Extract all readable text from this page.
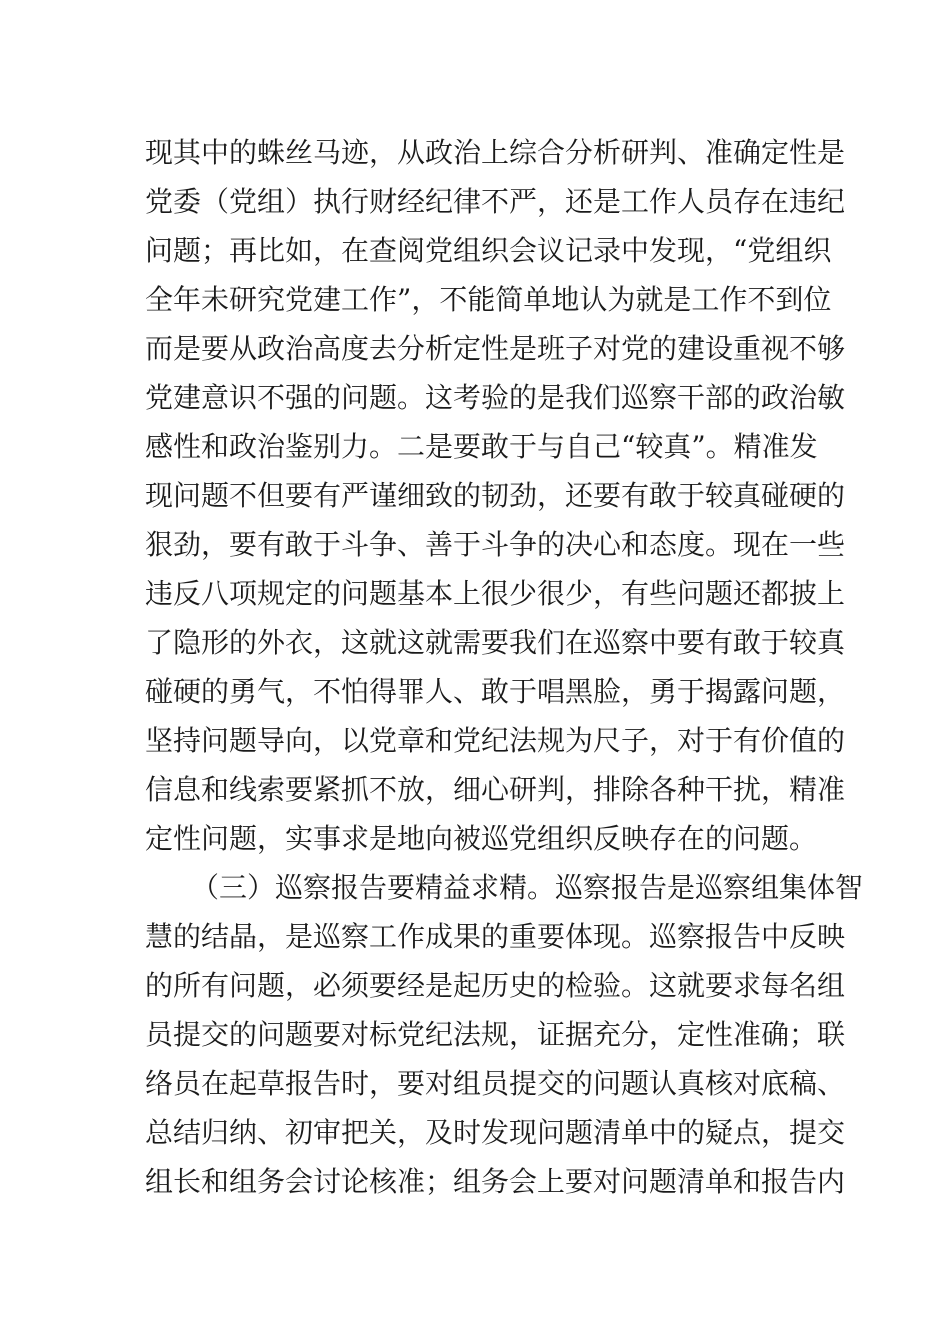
现其中的蛛丝马迹，从政治上综合分析研判、准确定性是
党委（党组）执行财经纪律不严，还是工作人员存在违纪
问题；再比如，在查阅党组织会议记录中发现，“党组织
全年未研究党建工作”，不能简单地认为就是工作不到位
而是要从政治高度去分析定性是班子对党的建设重视不够
党建意识不强的问题。这考验的是我们巡察干部的政治敏
感性和政治鉴别力。二是要敢于与自己“较真”。精准发
现问题不但要有严谨细致的韧劲，还要有敢于较真碰硬的
狠劲，要有敢于斗争、善于斗争的决心和态度。现在一些
违反八项规定的问题基本上很少很少，有些问题还都披上
了隐形的外衣，这就这就需要我们在巡察中要有敢于较真
碰硬的勇气，不怕得罪人、敢于唱黑脸，勇于揭露问题，
坚持问题导向，以党章和党纪法规为尺子，对于有价值的
信息和线索要紧抓不放，细心研判，排除各种干扰，精准
定性问题，实事求是地向被巡党组织反映存在的问题。
（三）巡察报告要精益求精。巡察报告是巡察组集体智
慧的结晶，是巡察工作成果的重要体现。巡察报告中反映
的所有问题，必须要经是起历史的检验。这就要求每名组
员提交的问题要对标党纪法规，证据充分，定性准确；联
络员在起草报告时，要对组员提交的问题认真核对底稿、
总结归纳、初审把关，及时发现问题清单中的疑点，提交
组长和组务会讨论核准；组务会上要对问题清单和报告内
